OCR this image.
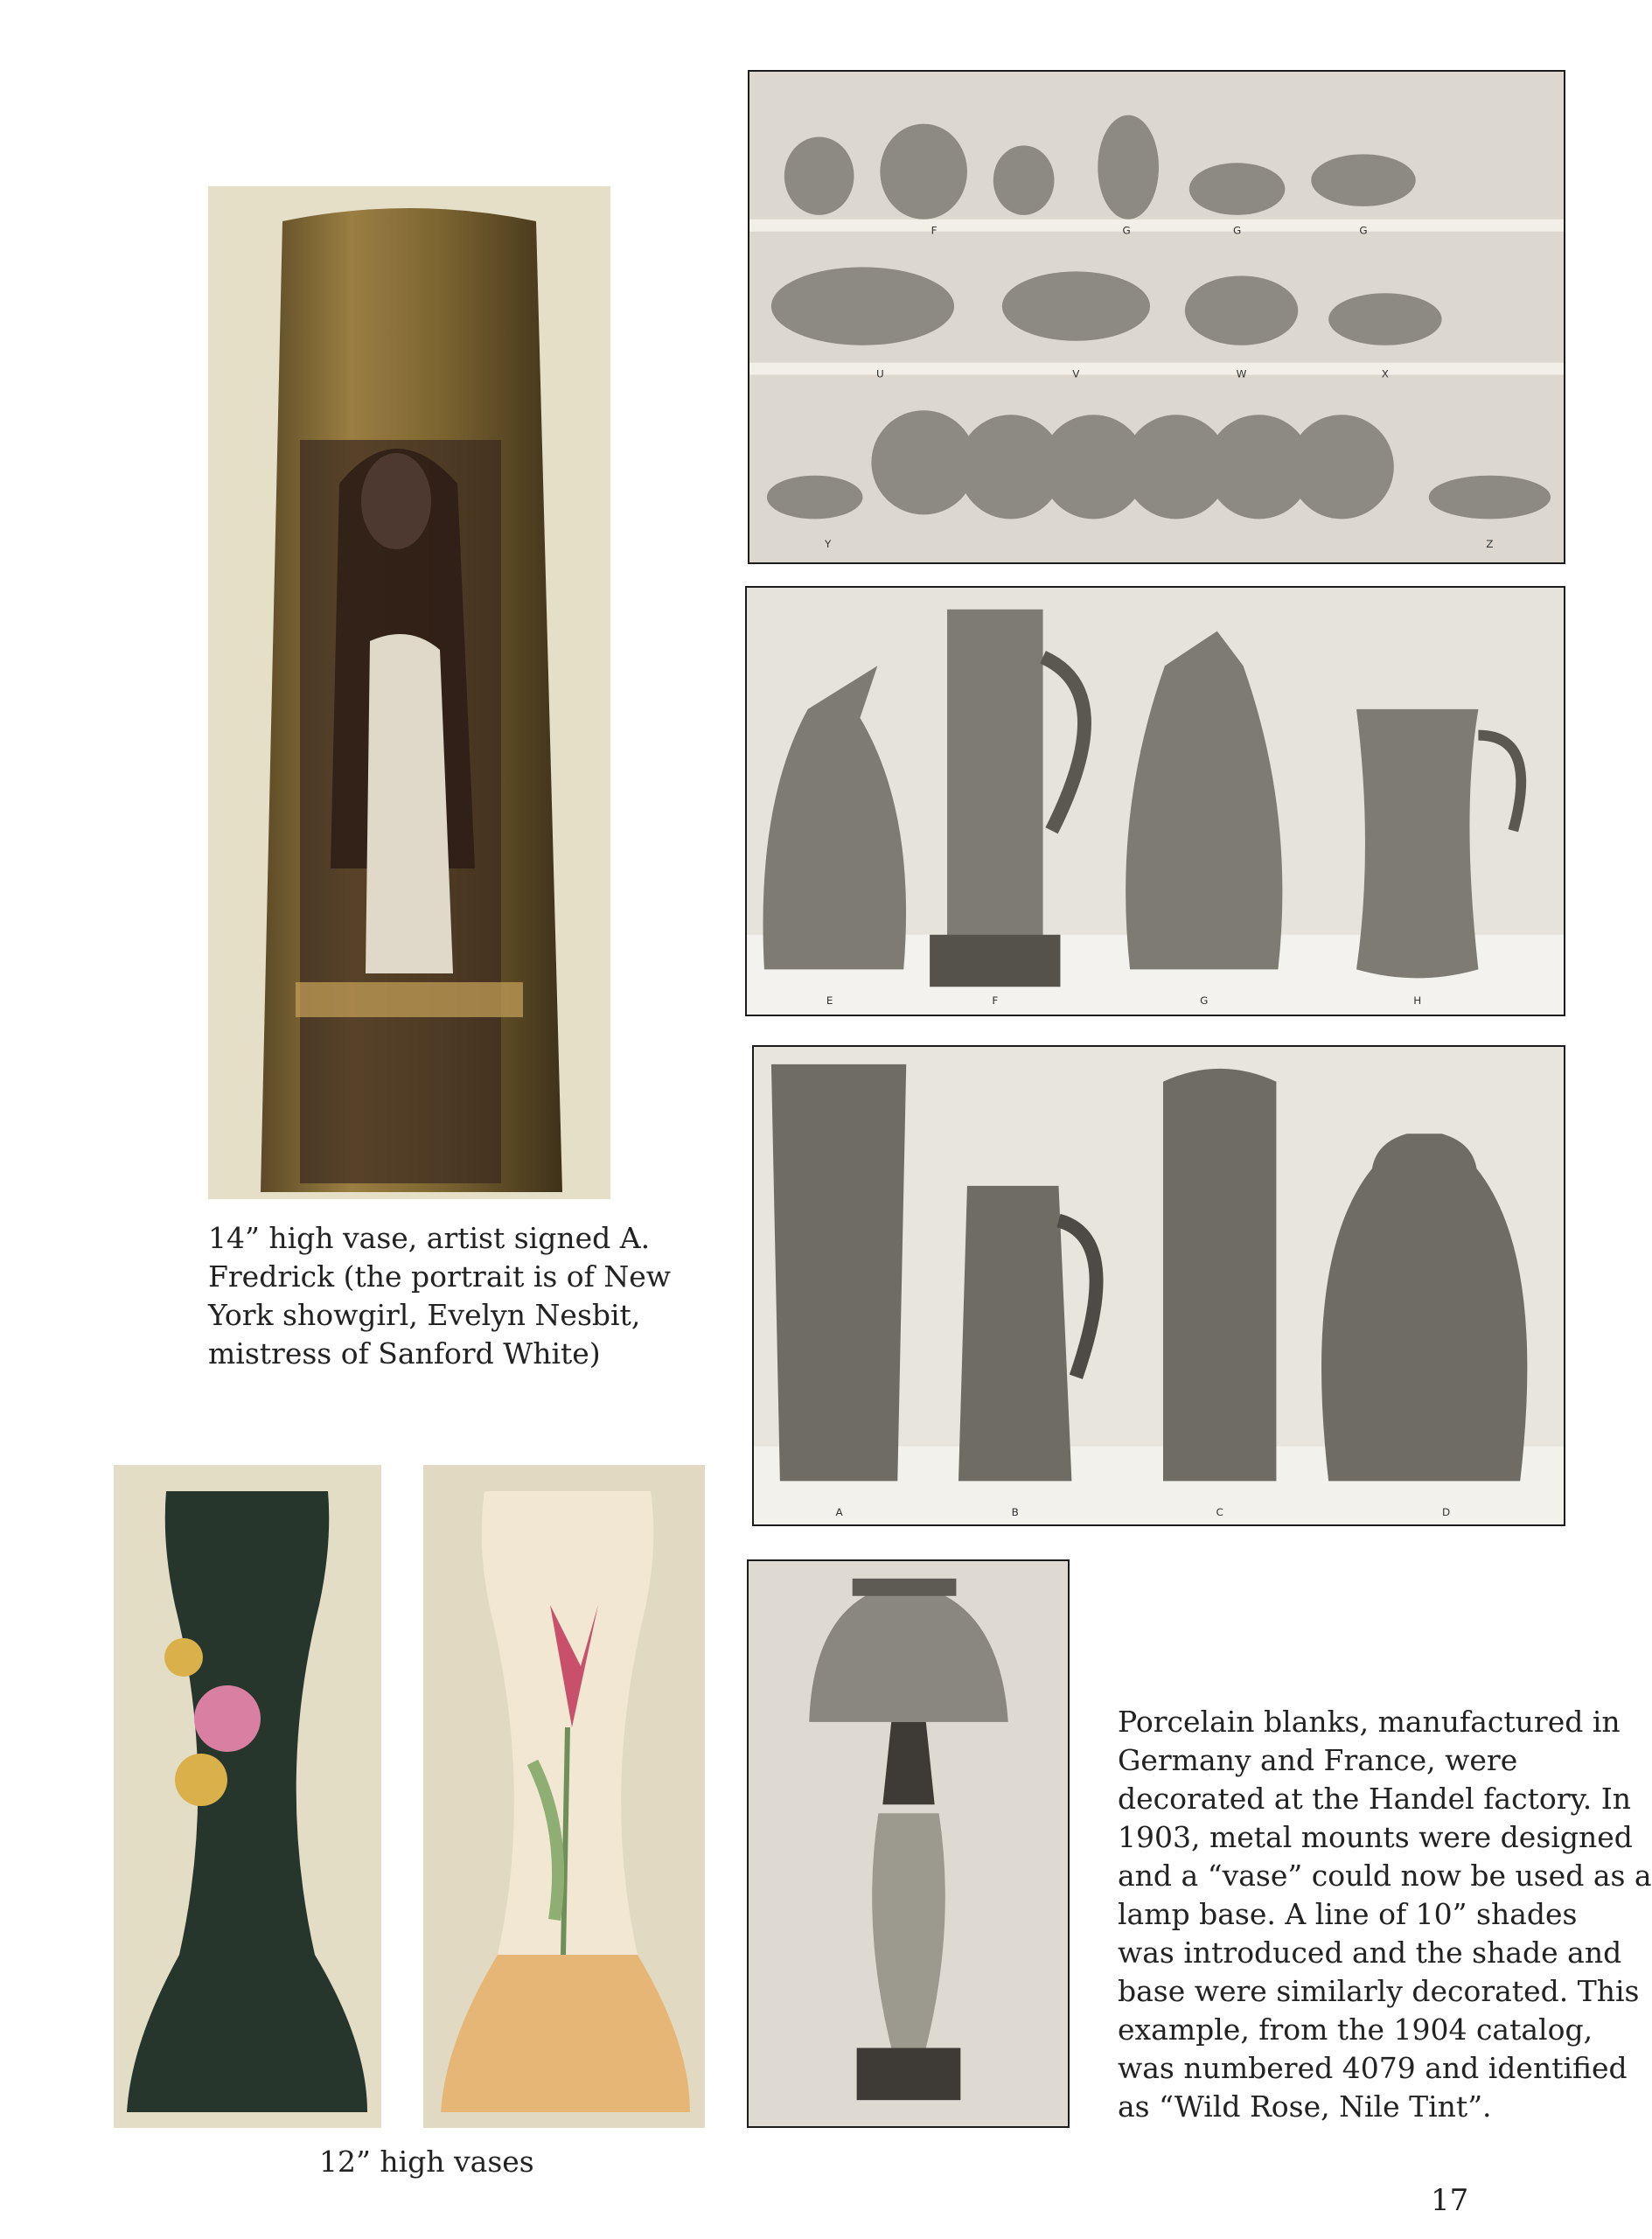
14” high vase, artist signed A.
Fredrick (the portrait is of New
York showgirl, Evelyn Nesbit,
mistress of Sanford White)

F	G	G	G
U	V	W	X
Y	Z
E	F	G	H
A	B	C	D

12” high vases

Porcelain blanks, manufactured in
Germany and France, were
decorated at the Handel factory. In
1903, metal mounts were designed
and a “vase” could now be used as a
lamp base. A line of 10” shades
was introduced and the shade and
base were similarly decorated. This
example, from the 1904 catalog,
was numbered 4079 and identified
as “Wild Rose, Nile Tint”.

17
